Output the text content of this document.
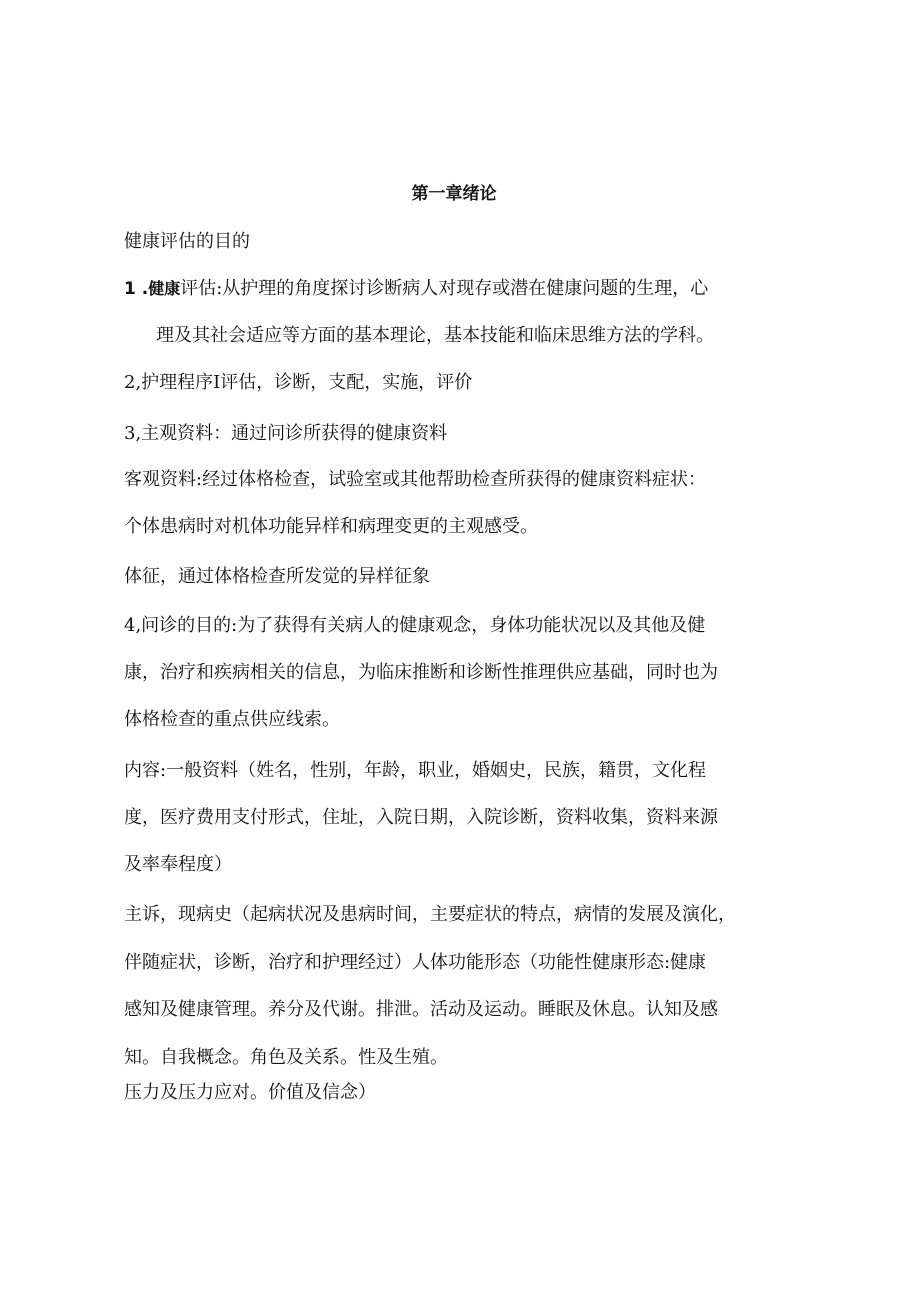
第一章绪论
健康评估的目的
1 .健康评估:从护理的角度探讨诊断病人对现存或潜在健康问题的生理，心
理及其社会适应等方面的基本理论，基本技能和临床思维方法的学科。
2,护理程序I评估，诊断，支配，实施，评价
3,主观资料：通过问诊所获得的健康资料
客观资料:经过体格检查，试验室或其他帮助检查所获得的健康资料症状：
个体患病时对机体功能异样和病理变更的主观感受。
体征，通过体格检查所发觉的异样征象
4,问诊的目的:为了获得有关病人的健康观念，身体功能状况以及其他及健
康，治疗和疾病相关的信息，为临床推断和诊断性推理供应基础，同时也为
体格检查的重点供应线索。
内容:一般资料（姓名，性别，年龄，职业，婚姻史，民族，籍贯，文化程
度，医疗费用支付形式，住址，入院日期，入院诊断，资料收集，资料来源
及率奉程度）
主诉，现病史（起病状况及患病时间，主要症状的特点，病情的发展及演化，
伴随症状，诊断，治疗和护理经过）人体功能形态（功能性健康形态:健康
感知及健康管理。养分及代谢。排泄。活动及运动。睡眠及休息。认知及感
知。自我概念。角色及关系。性及生殖。
压力及压力应对。价值及信念）
